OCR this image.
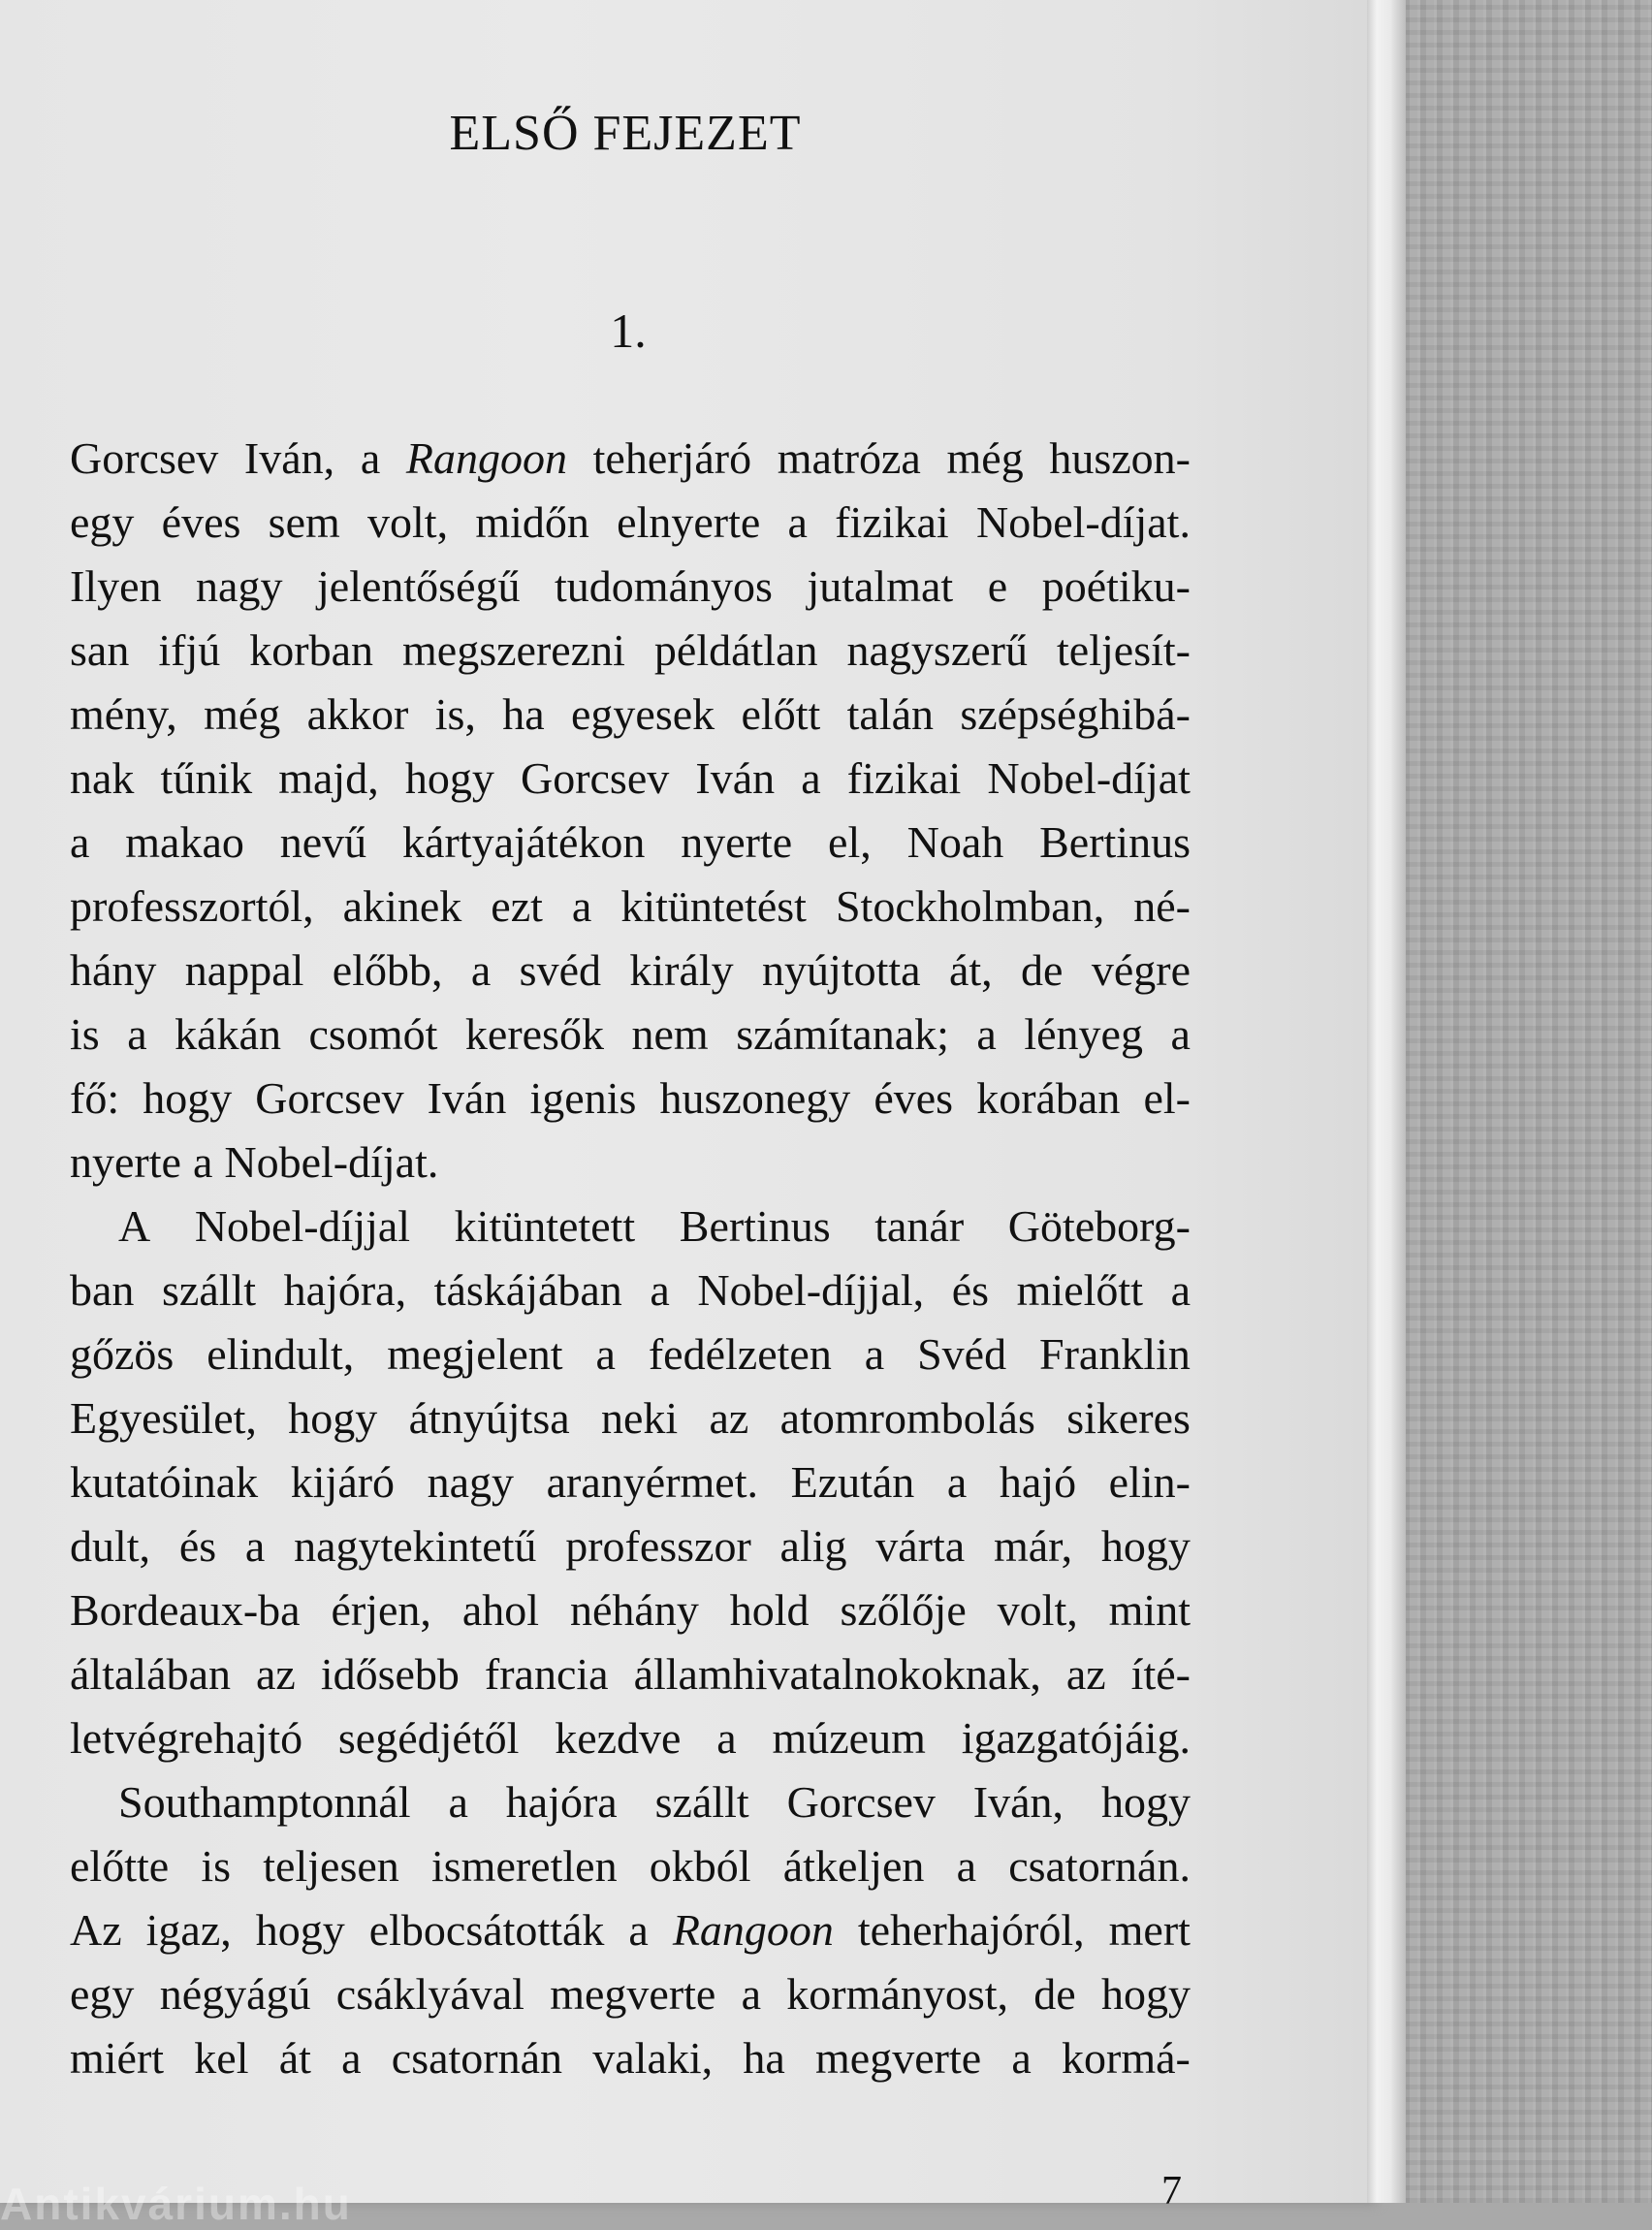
ELSŐ FEJEZET
1.
Gorcsev Iván, a Rangoon teherjáró matróza még huszon-
egy éves sem volt, midőn elnyerte a fizikai Nobel-díjat.
Ilyen nagy jelentőségű tudományos jutalmat e poétiku-
san ifjú korban megszerezni példátlan nagyszerű teljesít-
mény, még akkor is, ha egyesek előtt talán szépséghibá-
nak tűnik majd, hogy Gorcsev Iván a fizikai Nobel-díjat
a makao nevű kártyajátékon nyerte el, Noah Bertinus
professzortól, akinek ezt a kitüntetést Stockholmban, né-
hány nappal előbb, a svéd király nyújtotta át, de végre
is a kákán csomót keresők nem számítanak; a lényeg a
fő: hogy Gorcsev Iván igenis huszonegy éves korában el-
nyerte a Nobel-díjat.
A Nobel-díjjal kitüntetett Bertinus tanár Göteborg-
ban szállt hajóra, táskájában a Nobel-díjjal, és mielőtt a
gőzös elindult, megjelent a fedélzeten a Svéd Franklin
Egyesület, hogy átnyújtsa neki az atomrombolás sikeres
kutatóinak kijáró nagy aranyérmet. Ezután a hajó elin-
dult, és a nagytekintetű professzor alig várta már, hogy
Bordeaux-ba érjen, ahol néhány hold szőlője volt, mint
általában az idősebb francia államhivatalnokoknak, az íté-
letvégrehajtó segédjétől kezdve a múzeum igazgatójáig.
Southamptonnál a hajóra szállt Gorcsev Iván, hogy
előtte is teljesen ismeretlen okból átkeljen a csatornán.
Az igaz, hogy elbocsátották a Rangoon teherhajóról, mert
egy négyágú csáklyával megverte a kormányost, de hogy
miért kel át a csatornán valaki, ha megverte a kormá-
7
Antikvárium.hu
